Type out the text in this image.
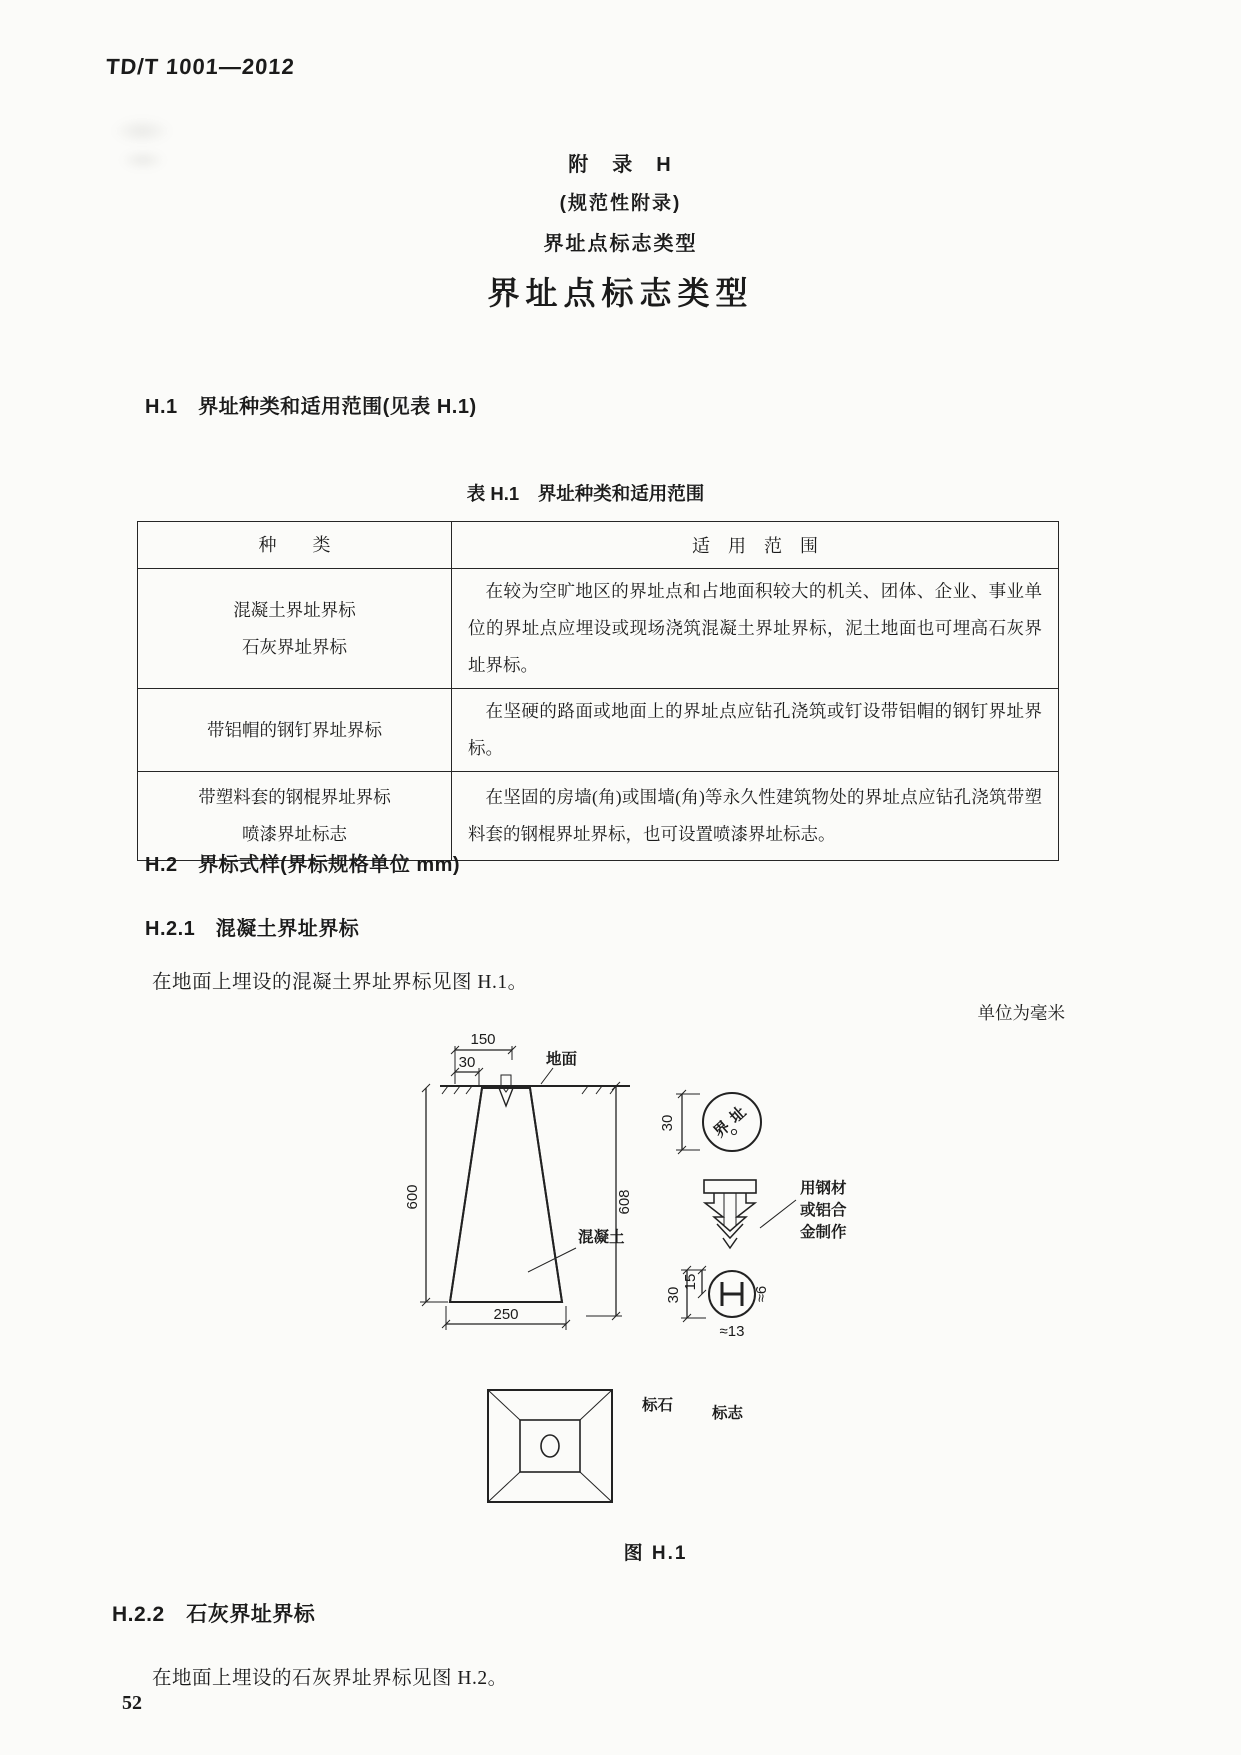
TD/T 1001—2012
附　录　H
(规范性附录)
界址点标志类型
界址点标志类型
H.1　界址种类和适用范围(见表 H.1)
表 H.1　界址种类和适用范围
种　　类	适　用　范　围

混凝土界址界标
石灰界址界标	在较为空旷地区的界址点和占地面积较大的机关、团体、企业、事业单位的界址点应埋设或现场浇筑混凝土界址界标，泥土地面也可埋高石灰界址界标。

带铝帽的钢钉界址界标	在坚硬的路面或地面上的界址点应钻孔浇筑或钉设带铝帽的钢钉界址界标。

带塑料套的钢棍界址界标
喷漆界址标志	在坚固的房墙(角)或围墙(角)等永久性建筑物处的界址点应钻孔浇筑带塑料套的钢棍界址界标，也可设置喷漆界址标志。

H.2　界标式样(界标规格单位 mm)
H.2.1　混凝土界址界标
在地面上埋设的混凝土界址界标见图 H.1。
单位为毫米
150
30	地面
600	608
250
混凝土
30 界址
用钢材
或铝合
金制作
30
15
≈6
≈13
标石	标志
图 H.1
H.2.2　石灰界址界标
在地面上埋设的石灰界址界标见图 H.2。
52
